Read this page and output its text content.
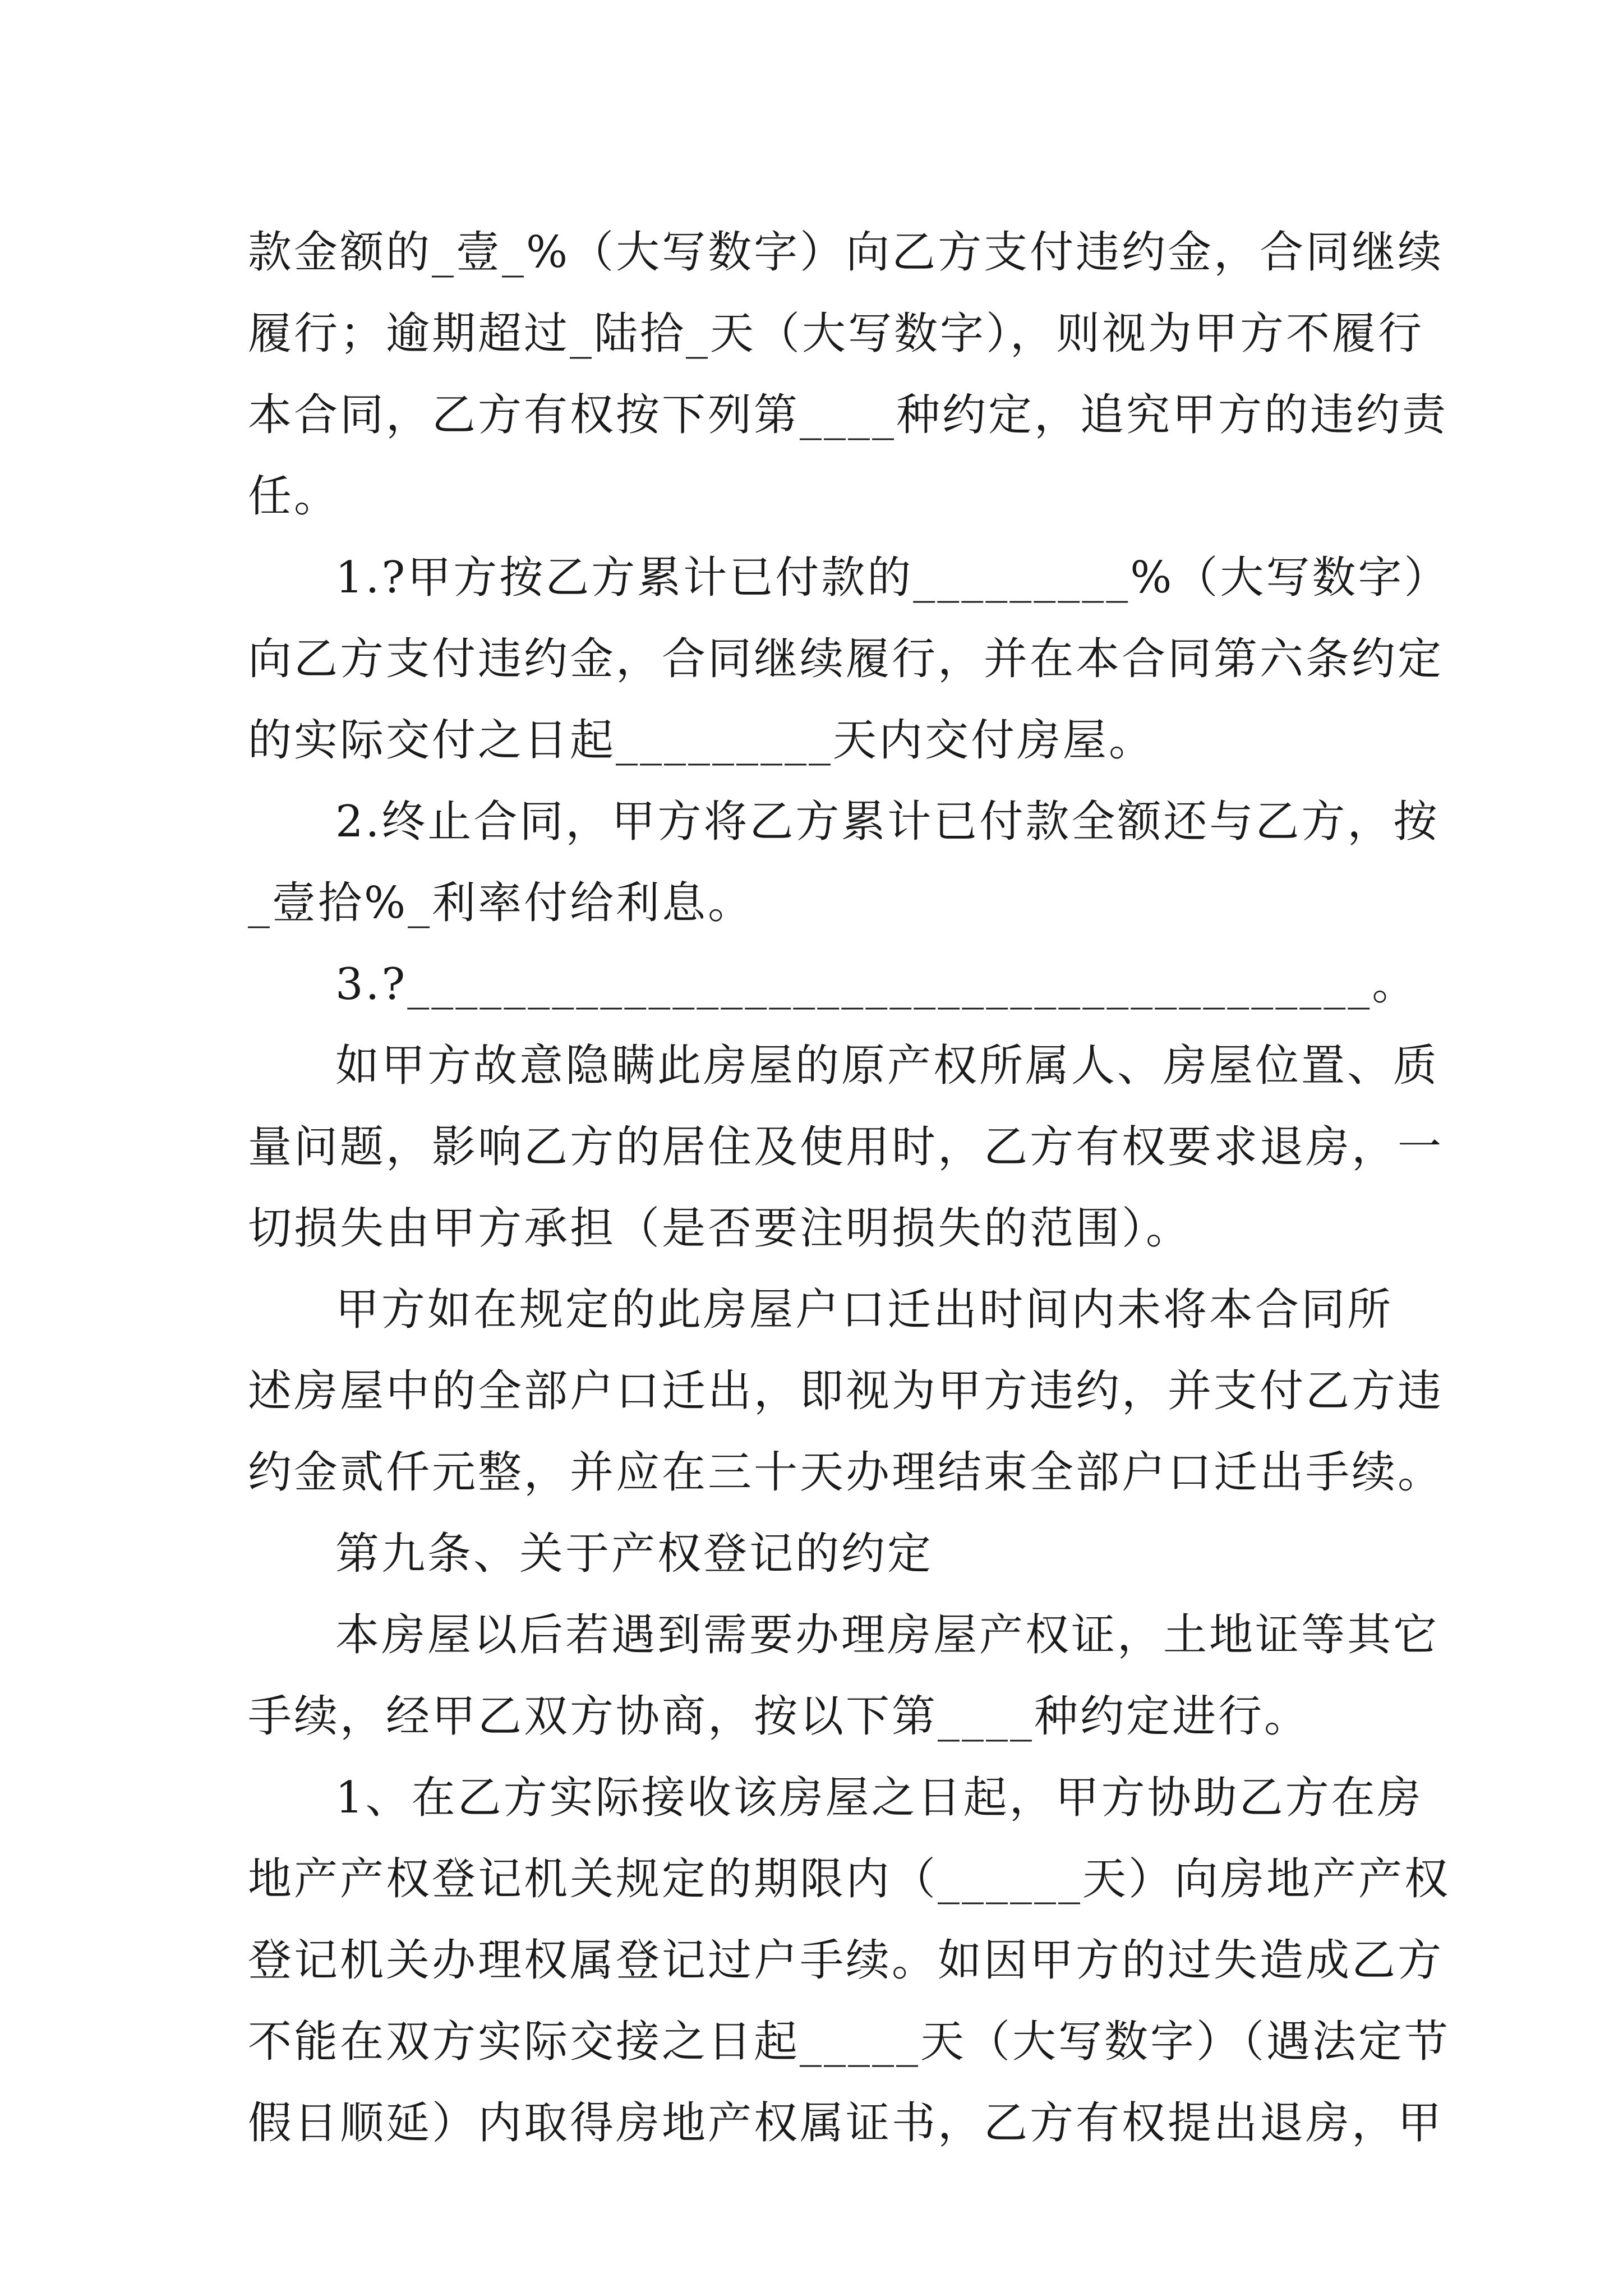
款金额的_壹_%（大写数字）向乙方支付违约金，合同继续
履行；逾期超过_陆拾_天（大写数字），则视为甲方不履行
本合同，乙方有权按下列第____种约定，追究甲方的违约责
任。
1.?甲方按乙方累计已付款的_________%（大写数字）
向乙方支付违约金，合同继续履行，并在本合同第六条约定
的实际交付之日起_________天内交付房屋。
2.终止合同，甲方将乙方累计已付款全额还与乙方，按
_壹拾%_利率付给利息。
3.?________________________________________。
如甲方故意隐瞒此房屋的原产权所属人、房屋位置、质
量问题，影响乙方的居住及使用时，乙方有权要求退房，一
切损失由甲方承担（是否要注明损失的范围）。
甲方如在规定的此房屋户口迁出时间内未将本合同所
述房屋中的全部户口迁出，即视为甲方违约，并支付乙方违
约金贰仟元整，并应在三十天办理结束全部户口迁出手续。
第九条、关于产权登记的约定
本房屋以后若遇到需要办理房屋产权证，土地证等其它
手续，经甲乙双方协商，按以下第____种约定进行。
1、在乙方实际接收该房屋之日起，甲方协助乙方在房
地产产权登记机关规定的期限内（______天）向房地产产权
登记机关办理权属登记过户手续。如因甲方的过失造成乙方
不能在双方实际交接之日起_____天（大写数字）（遇法定节
假日顺延）内取得房地产权属证书，乙方有权提出退房，甲
